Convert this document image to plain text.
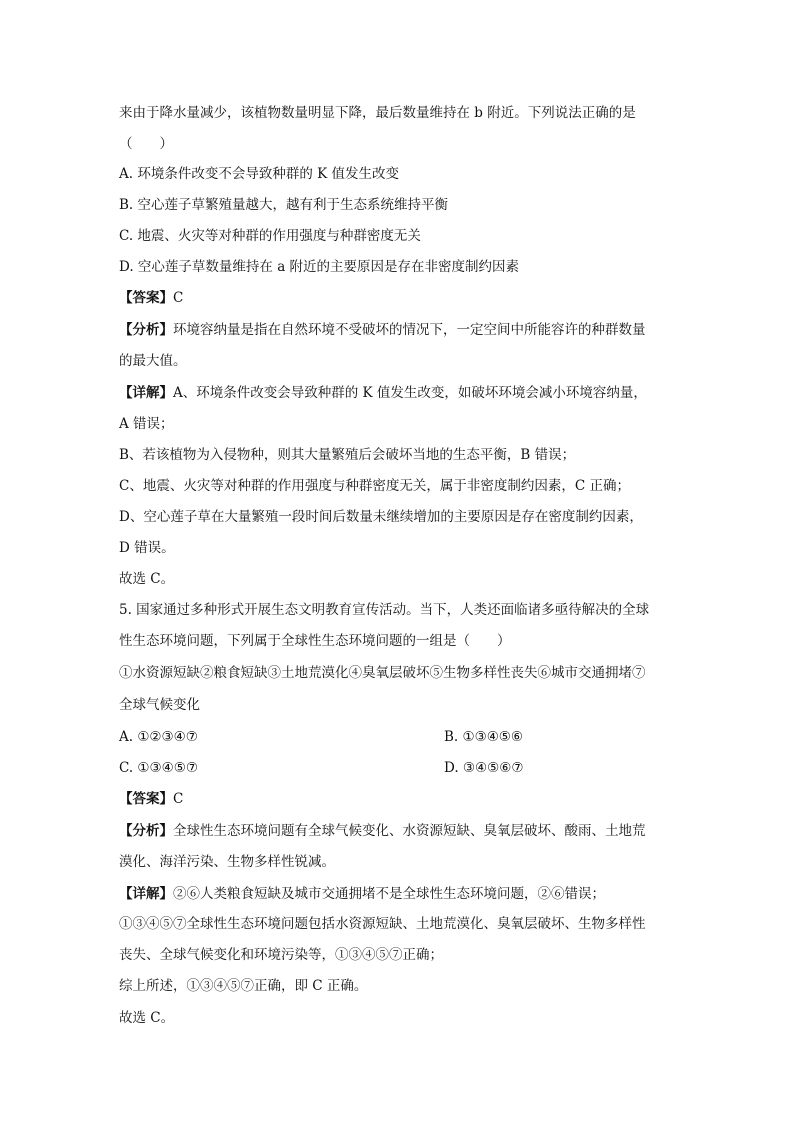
来由于降水量减少，该植物数量明显下降，最后数量维持在 b 附近。下列说法正确的是
（　　）
A. 环境条件改变不会导致种群的 K 值发生改变
B. 空心莲子草繁殖量越大，越有利于生态系统维持平衡
C. 地震、火灾等对种群的作用强度与种群密度无关
D. 空心莲子草数量维持在 a 附近的主要原因是存在非密度制约因素
【答案】C
【分析】环境容纳量是指在自然环境不受破坏的情况下，一定空间中所能容许的种群数量
的最大值。
【详解】A、环境条件改变会导致种群的 K 值发生改变，如破坏环境会减小环境容纳量，
A 错误；
B、若该植物为入侵物种，则其大量繁殖后会破坏当地的生态平衡，B 错误；
C、地震、火灾等对种群的作用强度与种群密度无关，属于非密度制约因素，C 正确；
D、空心莲子草在大量繁殖一段时间后数量未继续增加的主要原因是存在密度制约因素，
D 错误。
故选 C。
5. 国家通过多种形式开展生态文明教育宣传活动。当下，人类还面临诸多亟待解决的全球
性生态环境问题，下列属于全球性生态环境问题的一组是（　　）
①水资源短缺②粮食短缺③土地荒漠化④臭氧层破坏⑤生物多样性丧失⑥城市交通拥堵⑦
全球气候变化
A. ①②③④⑦	B. ①③④⑤⑥
C. ①③④⑤⑦	D. ③④⑤⑥⑦
【答案】C
【分析】全球性生态环境问题有全球气候变化、水资源短缺、臭氧层破坏、酸雨、土地荒
漠化、海洋污染、生物多样性锐减。
【详解】②⑥人类粮食短缺及城市交通拥堵不是全球性生态环境问题，②⑥错误；
①③④⑤⑦全球性生态环境问题包括水资源短缺、土地荒漠化、臭氧层破坏、生物多样性
丧失、全球气候变化和环境污染等，①③④⑤⑦正确；
综上所述，①③④⑤⑦正确，即 C 正确。
故选 C。
